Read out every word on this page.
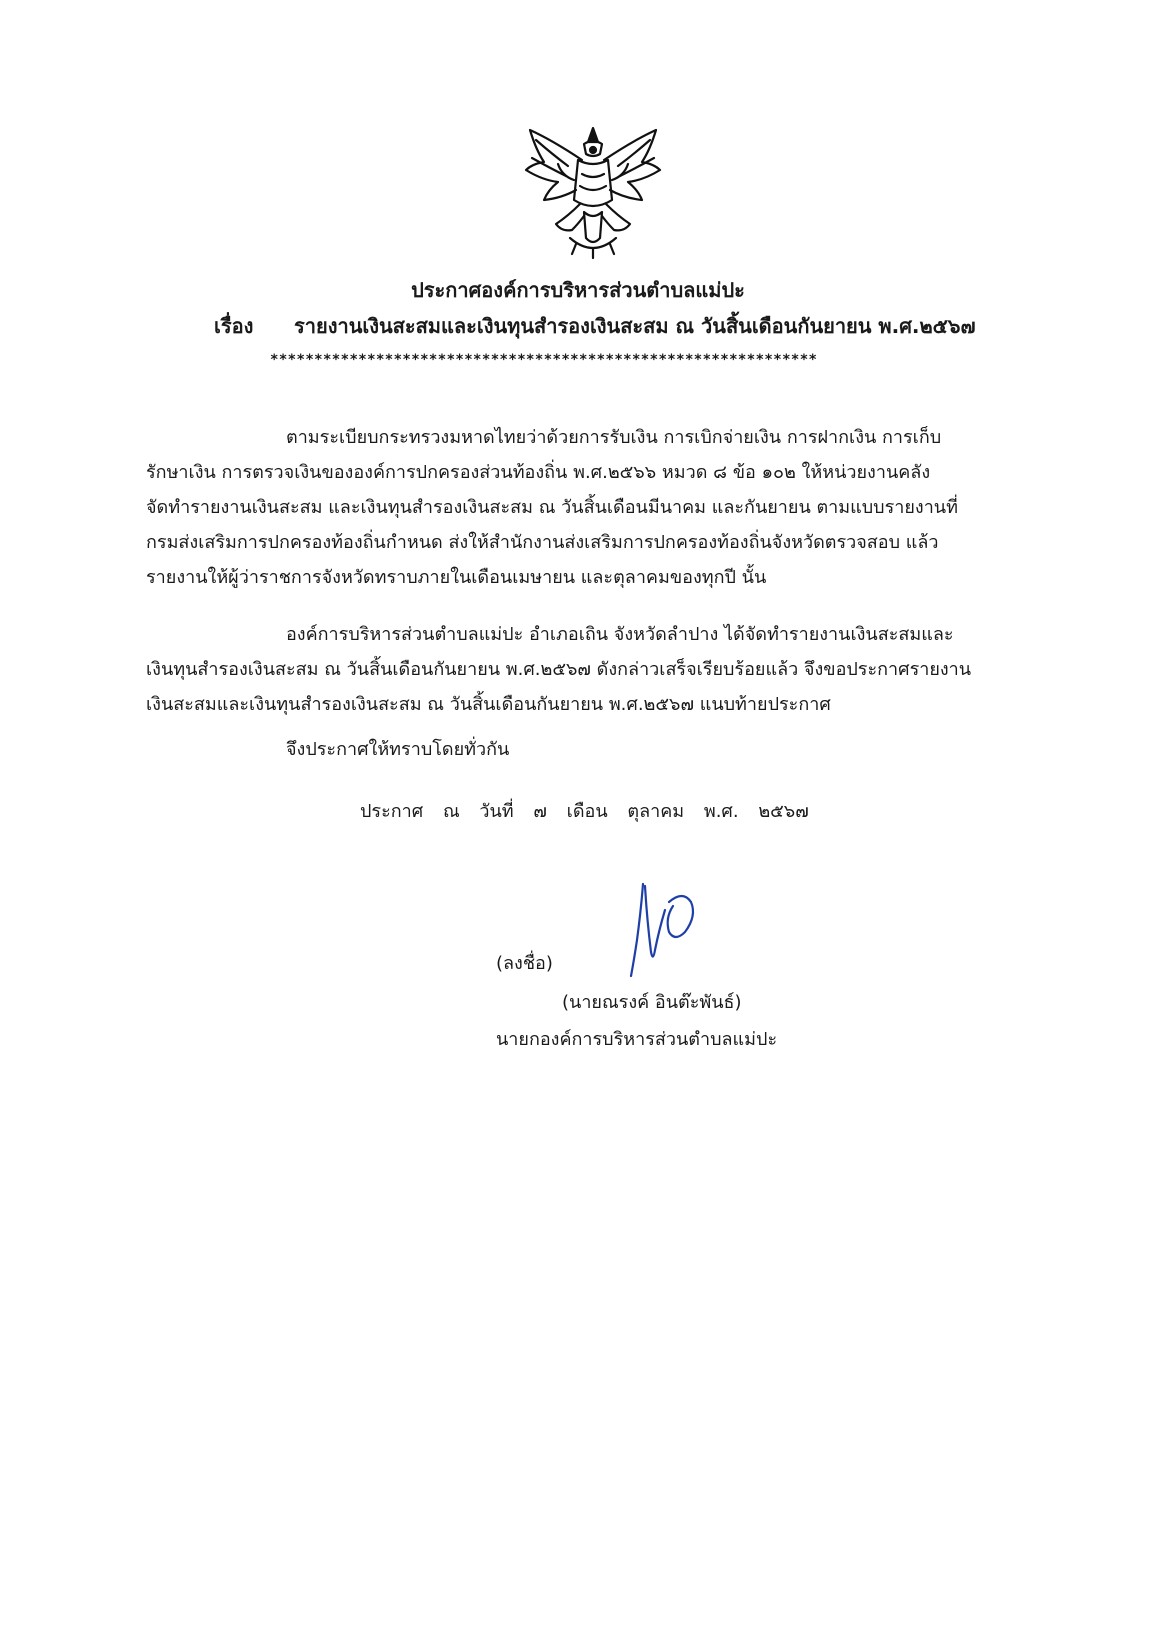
ประกาศองค์การบริหารส่วนตำบลแม่ปะ
เรื่อง รายงานเงินสะสมและเงินทุนสำรองเงินสะสม ณ วันสิ้นเดือนกันยายน พ.ศ.๒๕๖๗
**************************************************************
ตามระเบียบกระทรวงมหาดไทยว่าด้วยการรับเงิน การเบิกจ่ายเงิน การฝากเงิน การเก็บ
รักษาเงิน การตรวจเงินขององค์การปกครองส่วนท้องถิ่น พ.ศ.๒๕๖๖ หมวด ๘ ข้อ ๑๐๒ ให้หน่วยงานคลัง
จัดทำรายงานเงินสะสม และเงินทุนสำรองเงินสะสม ณ วันสิ้นเดือนมีนาคม และกันยายน ตามแบบรายงานที่
กรมส่งเสริมการปกครองท้องถิ่นกำหนด ส่งให้สำนักงานส่งเสริมการปกครองท้องถิ่นจังหวัดตรวจสอบ แล้ว
รายงานให้ผู้ว่าราชการจังหวัดทราบภายในเดือนเมษายน และตุลาคมของทุกปี นั้น
องค์การบริหารส่วนตำบลแม่ปะ อำเภอเถิน จังหวัดลำปาง ได้จัดทำรายงานเงินสะสมและ
เงินทุนสำรองเงินสะสม ณ วันสิ้นเดือนกันยายน พ.ศ.๒๕๖๗ ดังกล่าวเสร็จเรียบร้อยแล้ว จึงขอประกาศรายงาน
เงินสะสมและเงินทุนสำรองเงินสะสม ณ วันสิ้นเดือนกันยายน พ.ศ.๒๕๖๗ แนบท้ายประกาศ
จึงประกาศให้ทราบโดยทั่วกัน
ประกาศ ณ วันที่ ๗ เดือน ตุลาคม พ.ศ. ๒๕๖๗
(ลงชื่อ)
(นายณรงค์ อินต๊ะพันธ์)
นายกองค์การบริหารส่วนตำบลแม่ปะ
